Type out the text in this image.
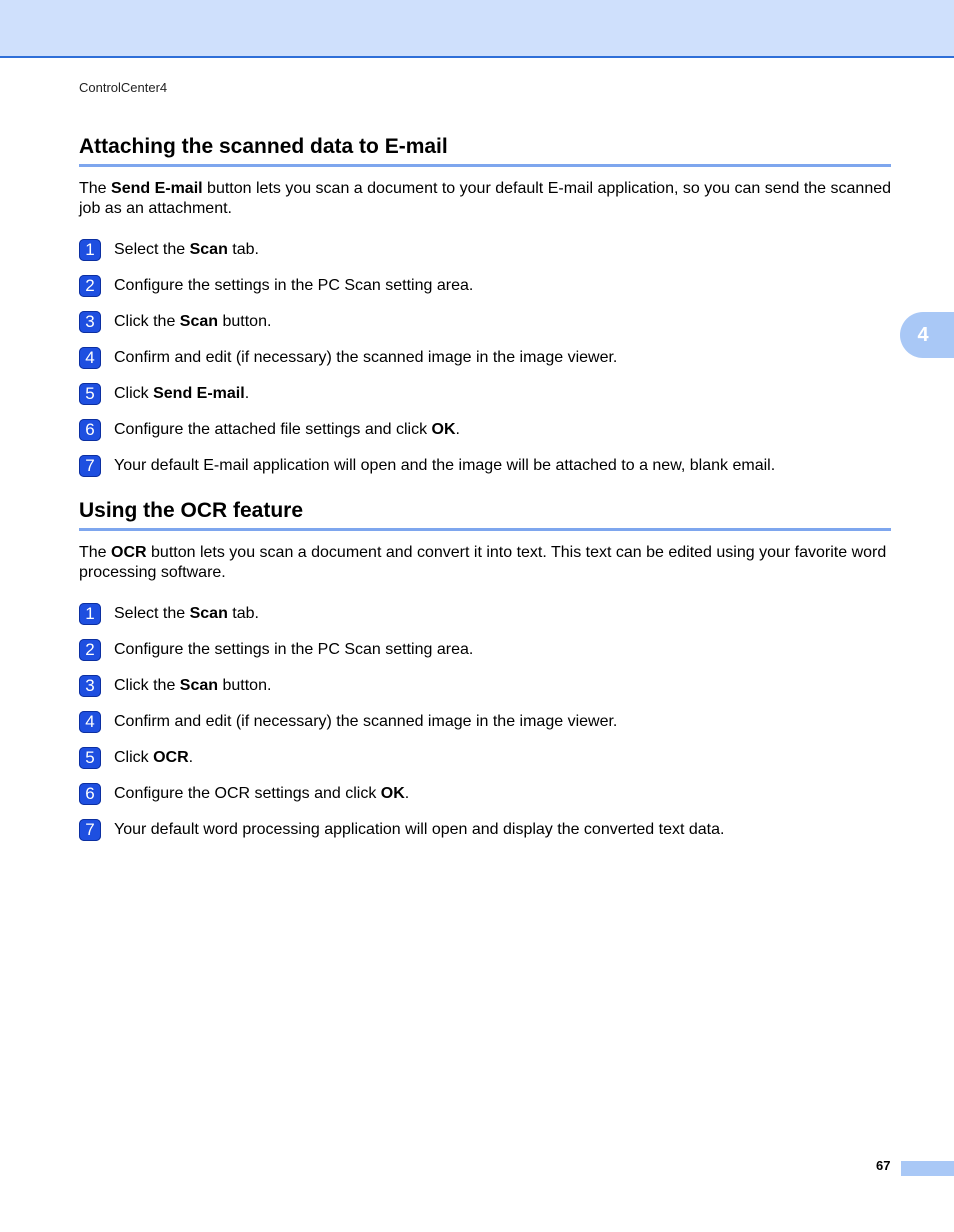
ControlCenter4
4
Attaching the scanned data to E-mail
The Send E-mail button lets you scan a document to your default E-mail application, so you can send the scanned job as an attachment.
1	Select the Scan tab.
2	Configure the settings in the PC Scan setting area.
3	Click the Scan button.
4	Confirm and edit (if necessary) the scanned image in the image viewer.
5	Click Send E-mail.
6	Configure the attached file settings and click OK.
7	Your default E-mail application will open and the image will be attached to a new, blank email.
Using the OCR feature
The OCR button lets you scan a document and convert it into text. This text can be edited using your favorite word processing software.
1	Select the Scan tab.
2	Configure the settings in the PC Scan setting area.
3	Click the Scan button.
4	Confirm and edit (if necessary) the scanned image in the image viewer.
5	Click OCR.
6	Configure the OCR settings and click OK.
7	Your default word processing application will open and display the converted text data.
67
